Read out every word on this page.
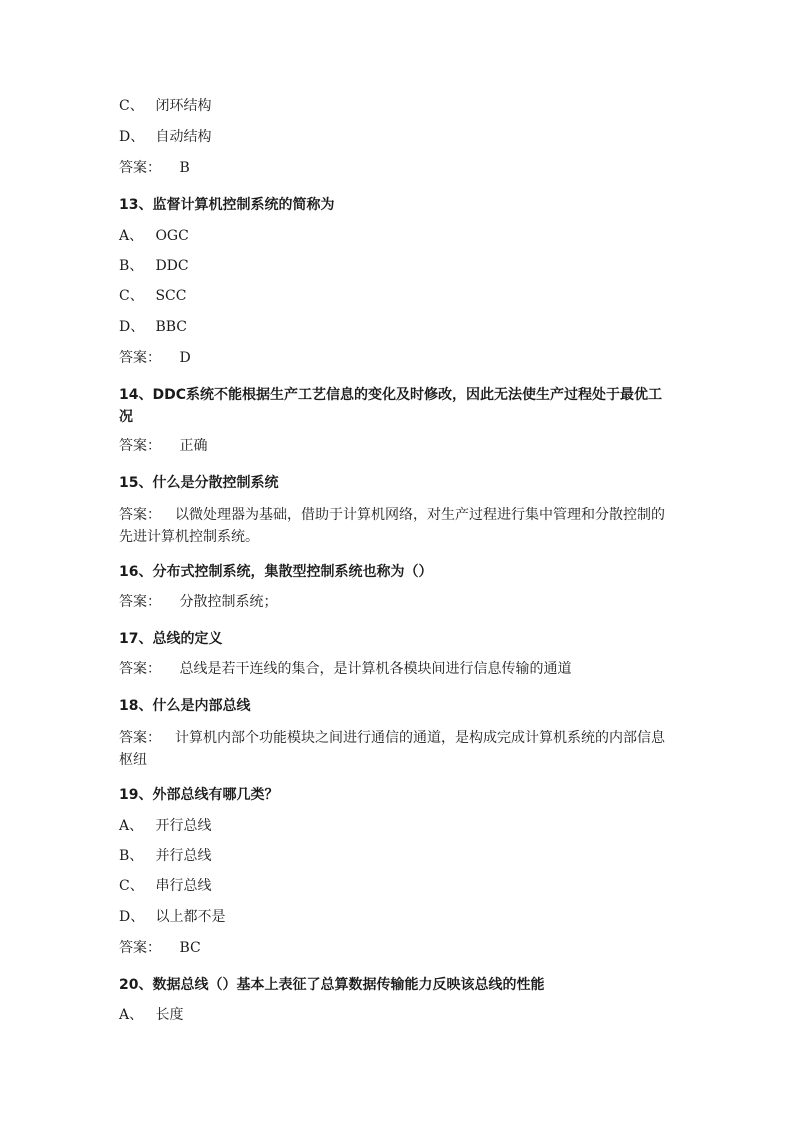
C、 闭环结构
D、 自动结构
答案： B
13、监督计算机控制系统的简称为
A、 OGC
B、 DDC
C、 SCC
D、 BBC
答案： D
14、DDC系统不能根据生产工艺信息的变化及时修改，因此无法使生产过程处于最优工况
答案： 正确
15、什么是分散控制系统
答案： 以微处理器为基础，借助于计算机网络，对生产过程进行集中管理和分散控制的先进计算机控制系统。
16、分布式控制系统，集散型控制系统也称为（）
答案： 分散控制系统；
17、总线的定义
答案： 总线是若干连线的集合，是计算机各模块间进行信息传输的通道
18、什么是内部总线
答案： 计算机内部个功能模块之间进行通信的通道，是构成完成计算机系统的内部信息枢纽
19、外部总线有哪几类？
A、 开行总线
B、 并行总线
C、 串行总线
D、 以上都不是
答案： BC
20、数据总线（）基本上表征了总算数据传输能力反映该总线的性能
A、 长度
